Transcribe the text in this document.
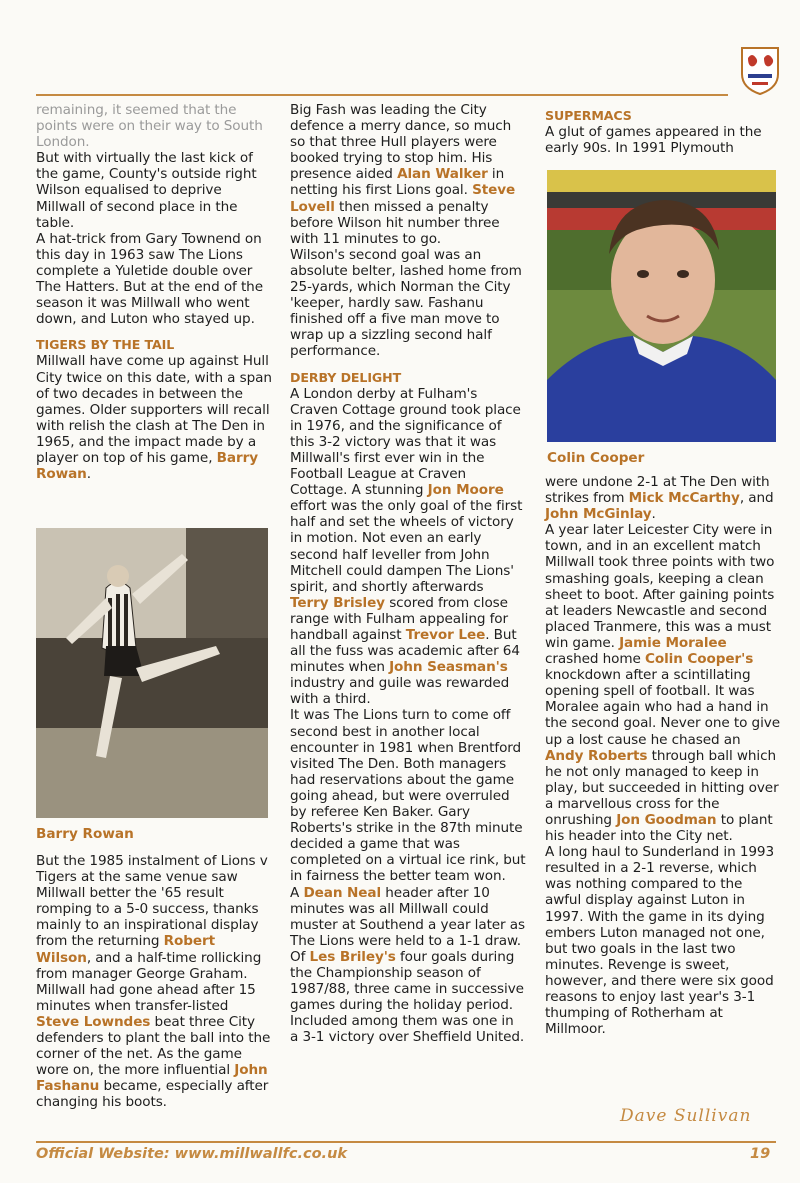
remaining, it seemed that the points were on their way to South London.

But with virtually the last kick of the game, County's outside right Wilson equalised to deprive Millwall of second place in the table.

A hat-trick from Gary Townend on this day in 1963 saw The Lions complete a Yuletide double over The Hatters. But at the end of the season it was Millwall who went down, and Luton who stayed up.

TIGERS BY THE TAIL

Millwall have come up against Hull City twice on this date, with a span of two decades in between the games. Older supporters will recall with relish the clash at The Den in 1965, and the impact made by a player on top of his game, Barry Rowan.

Barry Rowan

But the 1985 instalment of Lions v Tigers at the same venue saw Millwall better the '65 result romping to a 5-0 success, thanks mainly to an inspirational display from the returning Robert Wilson, and a half-time rollicking from manager George Graham. Millwall had gone ahead after 15 minutes when transfer-listed Steve Lowndes beat three City defenders to plant the ball into the corner of the net. As the game wore on, the more influential John Fashanu became, especially after changing his boots.

Big Fash was leading the City defence a merry dance, so much so that three Hull players were booked trying to stop him. His presence aided Alan Walker in netting his first Lions goal. Steve Lovell then missed a penalty before Wilson hit number three with 11 minutes to go.

Wilson's second goal was an absolute belter, lashed home from 25-yards, which Norman the City 'keeper, hardly saw. Fashanu finished off a five man move to wrap up a sizzling second half performance.

DERBY DELIGHT

A London derby at Fulham's Craven Cottage ground took place in 1976, and the significance of this 3-2 victory was that it was Millwall's first ever win in the Football League at Craven Cottage. A stunning Jon Moore effort was the only goal of the first half and set the wheels of victory in motion. Not even an early second half leveller from John Mitchell could dampen The Lions' spirit, and shortly afterwards Terry Brisley scored from close range with Fulham appealing for handball against Trevor Lee. But all the fuss was academic after 64 minutes when John Seasman's industry and guile was rewarded with a third.

It was The Lions turn to come off second best in another local encounter in 1981 when Brentford visited The Den. Both managers had reservations about the game going ahead, but were overruled by referee Ken Baker. Gary Roberts's strike in the 87th minute decided a game that was completed on a virtual ice rink, but in fairness the better team won.

A Dean Neal header after 10 minutes was all Millwall could muster at Southend a year later as The Lions were held to a 1-1 draw.

Of Les Briley's four goals during the Championship season of 1987/88, three came in successive games during the holiday period. Included among them was one in a 3-1 victory over Sheffield United.

SUPERMACS

A glut of games appeared in the early 90s. In 1991 Plymouth

Colin Cooper

were undone 2-1 at The Den with strikes from Mick McCarthy, and John McGinlay.

A year later Leicester City were in town, and in an excellent match Millwall took three points with two smashing goals, keeping a clean sheet to boot. After gaining points at leaders Newcastle and second placed Tranmere, this was a must win game. Jamie Moralee crashed home Colin Cooper's knockdown after a scintillating opening spell of football. It was Moralee again who had a hand in the second goal. Never one to give up a lost cause he chased an Andy Roberts through ball which he not only managed to keep in play, but succeeded in hitting over a marvellous cross for the onrushing Jon Goodman to plant his header into the City net.

A long haul to Sunderland in 1993 resulted in a 2-1 reverse, which was nothing compared to the awful display against Luton in 1997. With the game in its dying embers Luton managed not one, but two goals in the last two minutes. Revenge is sweet, however, and there were six good reasons to enjoy last year's 3-1 thumping of Rotherham at Millmoor.

Dave Sullivan
Official Website: www.millwallfc.co.uk	19
